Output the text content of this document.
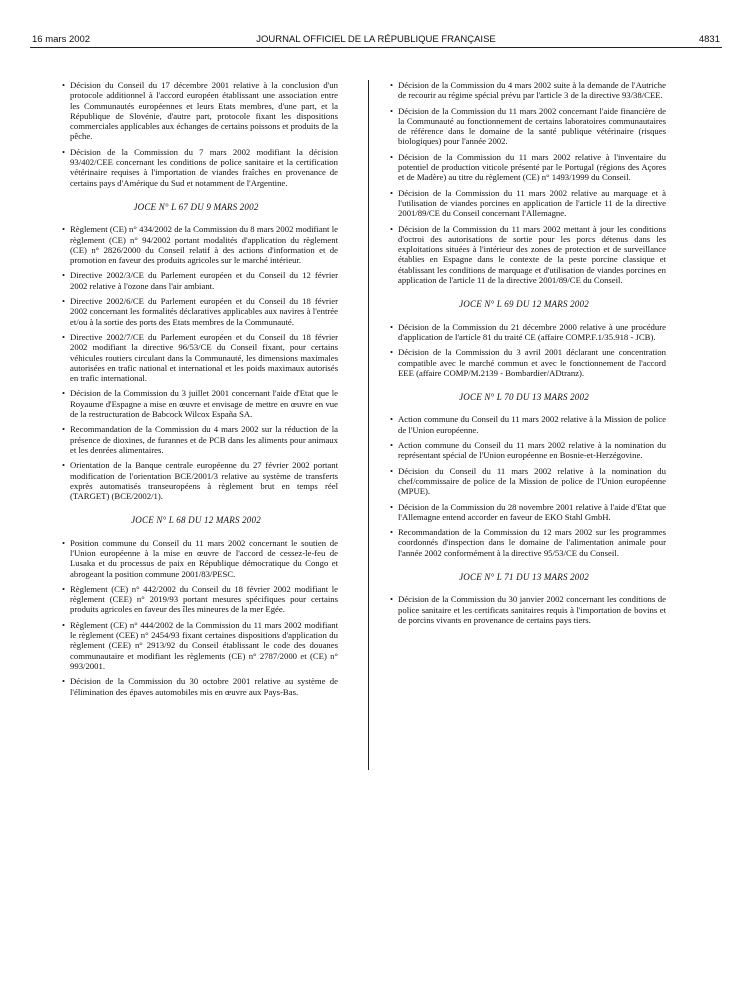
16 mars 2002	JOURNAL OFFICIEL DE LA RÉPUBLIQUE FRANÇAISE	4831
• Décision du Conseil du 17 décembre 2001 relative à la conclusion d'un protocole additionnel à l'accord européen établissant une association entre les Communautés européennes et leurs Etats membres, d'une part, et la République de Slovénie, d'autre part, protocole fixant les dispositions commerciales applicables aux échanges de certains poissons et produits de la pêche.
• Décision de la Commission du 7 mars 2002 modifiant la décision 93/402/CEE concernant les conditions de police sanitaire et la certification vétérinaire requises à l'importation de viandes fraîches en provenance de certains pays d'Amérique du Sud et notamment de l'Argentine.
JOCE N° L 67 DU 9 MARS 2002
• Règlement (CE) n° 434/2002 de la Commission du 8 mars 2002 modifiant le règlement (CE) n° 94/2002 portant modalités d'application du règlement (CE) n° 2826/2000 du Conseil relatif à des actions d'information et de promotion en faveur des produits agricoles sur le marché intérieur.
• Directive 2002/3/CE du Parlement européen et du Conseil du 12 février 2002 relative à l'ozone dans l'air ambiant.
• Directive 2002/6/CE du Parlement européen et du Conseil du 18 février 2002 concernant les formalités déclaratives applicables aux navires à l'entrée et/ou à la sortie des ports des Etats membres de la Communauté.
• Directive 2002/7/CE du Parlement européen et du Conseil du 18 février 2002 modifiant la directive 96/53/CE du Conseil fixant, pour certains véhicules routiers circulant dans la Communauté, les dimensions maximales autorisées en trafic national et international et les poids maximaux autorisés en trafic international.
• Décision de la Commission du 3 juillet 2001 concernant l'aide d'Etat que le Royaume d'Espagne a mise en œuvre et envisage de mettre en œuvre en vue de la restructuration de Babcock Wilcox España SA.
• Recommandation de la Commission du 4 mars 2002 sur la réduction de la présence de dioxines, de furannes et de PCB dans les aliments pour animaux et les denrées alimentaires.
• Orientation de la Banque centrale européenne du 27 février 2002 portant modification de l'orientation BCE/2001/3 relative au système de transferts exprès automatisés transeuropéens à règlement brut en temps réel (TARGET) (BCE/2002/1).
JOCE N° L 68 DU 12 MARS 2002
• Position commune du Conseil du 11 mars 2002 concernant le soutien de l'Union européenne à la mise en œuvre de l'accord de cessez-le-feu de Lusaka et du processus de paix en République démocratique du Congo et abrogeant la position commune 2001/83/PESC.
• Règlement (CE) n° 442/2002 du Conseil du 18 février 2002 modifiant le règlement (CEE) n° 2019/93 portant mesures spécifiques pour certains produits agricoles en faveur des îles mineures de la mer Egée.
• Règlement (CE) n° 444/2002 de la Commission du 11 mars 2002 modifiant le règlement (CEE) n° 2454/93 fixant certaines dispositions d'application du règlement (CEE) n° 2913/92 du Conseil établissant le code des douanes communautaire et modifiant les règlements (CE) n° 2787/2000 et (CE) n° 993/2001.
• Décision de la Commission du 30 octobre 2001 relative au système de l'élimination des épaves automobiles mis en œuvre aux Pays-Bas.
• Décision de la Commission du 4 mars 2002 suite à la demande de l'Autriche de recourir au régime spécial prévu par l'article 3 de la directive 93/38/CEE.
• Décision de la Commission du 11 mars 2002 concernant l'aide financière de la Communauté au fonctionnement de certains laboratoires communautaires de référence dans le domaine de la santé publique vétérinaire (risques biologiques) pour l'année 2002.
• Décision de la Commission du 11 mars 2002 relative à l'inventaire du potentiel de production viticole présenté par le Portugal (régions des Açores et de Madère) au titre du règlement (CE) n° 1493/1999 du Conseil.
• Décision de la Commission du 11 mars 2002 relative au marquage et à l'utilisation de viandes porcines en application de l'article 11 de la directive 2001/89/CE du Conseil concernant l'Allemagne.
• Décision de la Commission du 11 mars 2002 mettant à jour les conditions d'octroi des autorisations de sortie pour les porcs détenus dans les exploitations situées à l'intérieur des zones de protection et de surveillance établies en Espagne dans le contexte de la peste porcine classique et établissant les conditions de marquage et d'utilisation de viandes porcines en application de l'article 11 de la directive 2001/89/CE du Conseil.
JOCE N° L 69 DU 12 MARS 2002
• Décision de la Commission du 21 décembre 2000 relative à une procédure d'application de l'article 81 du traité CE (affaire COMP.F.1/35.918 - JCB).
• Décision de la Commission du 3 avril 2001 déclarant une concentration compatible avec le marché commun et avec le fonctionnement de l'accord EEE (affaire COMP/M.2139 - Bombardier/ADtranz).
JOCE N° L 70 DU 13 MARS 2002
• Action commune du Conseil du 11 mars 2002 relative à la Mission de police de l'Union européenne.
• Action commune du Conseil du 11 mars 2002 relative à la nomination du représentant spécial de l'Union européenne en Bosnie-et-Herzégovine.
• Décision du Conseil du 11 mars 2002 relative à la nomination du chef/commissaire de police de la Mission de police de l'Union européenne (MPUE).
• Décision de la Commission du 28 novembre 2001 relative à l'aide d'Etat que l'Allemagne entend accorder en faveur de EKO Stahl GmbH.
• Recommandation de la Commission du 12 mars 2002 sur les programmes coordonnés d'inspection dans le domaine de l'alimentation animale pour l'année 2002 conformément à la directive 95/53/CE du Conseil.
JOCE N° L 71 DU 13 MARS 2002
• Décision de la Commission du 30 janvier 2002 concernant les conditions de police sanitaire et les certificats sanitaires requis à l'importation de bovins et de porcins vivants en provenance de certains pays tiers.
